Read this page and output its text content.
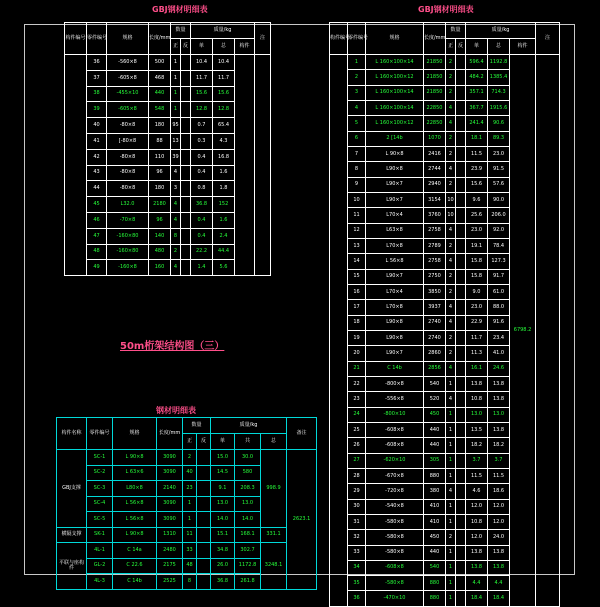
GBJ钢材明细表
构件编号	零件编号	规格	长度/mm	数量		质量/kg			注
				正	反	单	总	构件	
	36	-560×8	500	1		10.4	10.4		
	37	-605×8	468	1		11.7	11.7		
	38	-455×10	440	1		15.6	15.6		
	39	-605×8	548	1		12.8	12.8		
	40	-80×8	180	95		0.7	65.4		
	41	[-80×8	88	13		0.3	4.3		
	42	-80×8	110	39		0.4	16.8		
	43	-80×8	96	4		0.4	1.6		
	44	-80×8	180	3		0.8	1.8		
	45	L32.0	2180	4		36.8	152		
	46	-70×8	96	4		0.4	1.6		
	47	-160×80	140	8		0.4	2.4		
	48	-160×80	480	2		22.2	44.4		
	49	-160×8	160	4		1.4	5.6		
GBJ钢材明细表
构件编号	零件编号	规格	长度/mm	数量		质量/kg			注
				正	反	单	总	构件	
	1	L 160×100×14	21850	2		596.4	1192.8	6798.2	
	2	L 160×100×12	21850	2		484.2	1385.4		
	3	L 160×100×14	21850	2		357.1	714.3		
	4	L 160×100×14	22850	4		367.7	1915.6		
	5	L 160×100×12	22850	4		241.4	90.6		
	6	2 [14b	1070	2		18.1	89.3		
	7	L 90×8	2416	2		11.5	23.0		
	8	L90×8	2744	4		23.9	91.5		
	9	L90×7	2940	2		15.6	57.6		
	10	L90×7	3154	10		9.6	90.0		
	11	L70×4	3760	10		25.6	206.0		
	12	L63×8	2758	4		23.0	92.0		
	13	L70×8	2789	2		19.1	78.4		
	14	L 56×8	2758	4		15.8	127.3		
	15	L90×7	2750	2		15.8	91.7		
	16	L70×4	3850	2		9.0	61.0		
	17	L70×8	3937	4		23.0	88.0		
	18	L90×8	2740	4		22.9	91.6		
	19	L90×8	2740	2		11.7	23.4		
	20	L90×7	2860	2		11.3	41.0		
	21	C 14b	2856	4		16.1	24.6		
	22	-800×8	540	1		13.8	13.8		
	23	-556×8	520	4		10.8	13.8		
	24	-800×10	450	1		13.0	13.0		
	25	-608×8	440	1		13.5	13.8		
	26	-608×8	440	1		18.2	18.2		
	27	-620×10	305	1		3.7	3.7		
	28	-670×8	880	1		11.5	11.5		
	29	-720×8	380	4		4.6	18.6		
	30	-540×8	410	1		12.0	12.0		
	31	-580×8	410	1		10.8	12.0		
	32	-580×8	450	2		12.0	24.0		
	33	-580×8	440	1		13.8	13.8		
	34	-608×8	540	1		13.8	13.8		
	35	-580×8	880	1		4.4	4.4		
	36	-470×10	880	1		18.4	18.4		
50m桁架结构图（三）
钢材明细表
构件名称	零件编号	规格	长度/mm	数量		质量/kg			备注
				正	反	单	共	总	
GBJ支撑	SC-1	L 90×8	3090	2		15.0	30.0	998.9	2623.1
	SC-2	L 63×6	3090	40		14.5	580		
	SC-3	L80×8	2140	23		9.1	208.3		
	SC-4	L 56×8	3090	1		13.0	13.0		
	SC-5	L 56×8	3090	1		14.0	14.0		
横隔支撑	SK-1	L 90×8	1310	11		15.1	168.1	331.1	
平联与座构件	4L-1	C 14a	2480	33		34.8	302.7	3248.1	
	GL-2	C 22.6	2175	48		26.0	1172.8		
	4L-3	C 14b	2525	8		36.8	261.8		
